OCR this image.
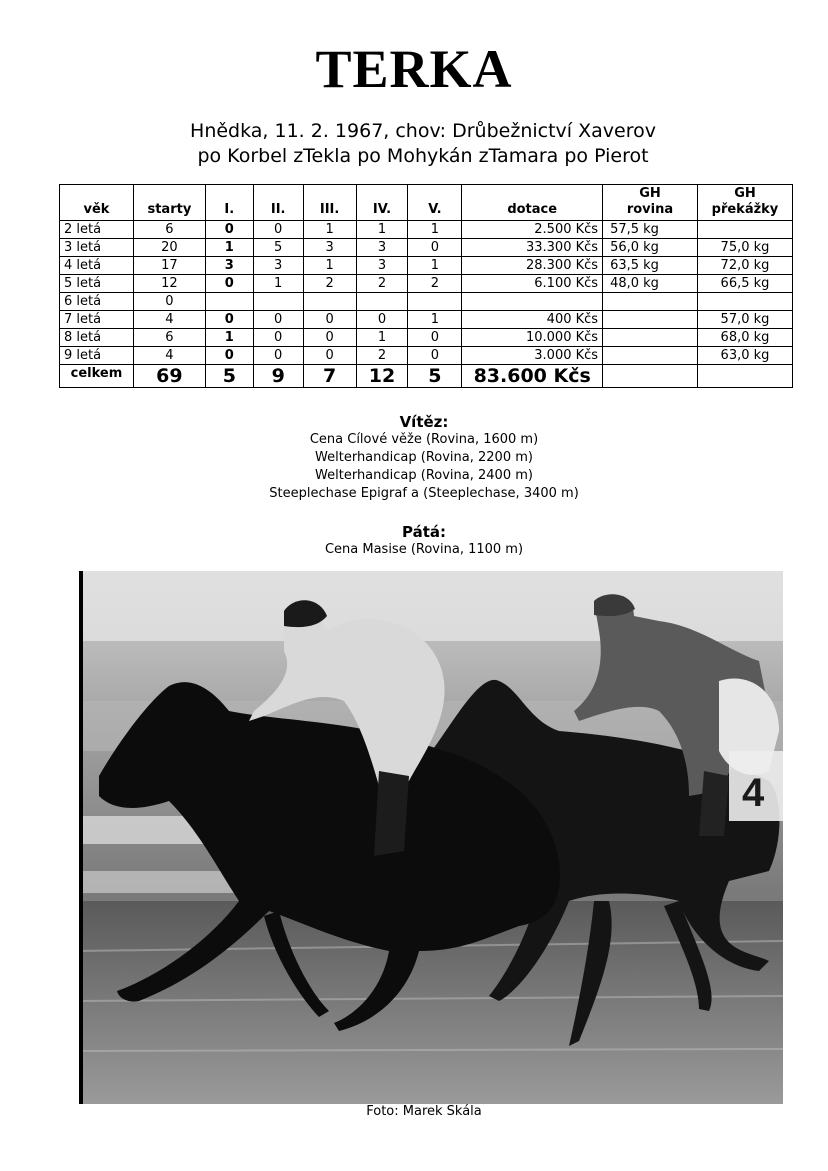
TERKA
Hnědka, 11. 2. 1967, chov: Drůbežnictví Xaverov
po Korbel zTekla po Mohykán zTamara po Pierot
věk	starty	I.	II.	III.	IV.	V.	dotace	GH rovina	GH překážky
2 letá	6	0	0	1	1	1	2.500 Kčs	57,5 kg	
3 letá	20	1	5	3	3	0	33.300 Kčs	56,0 kg	75,0 kg
4 letá	17	3	3	1	3	1	28.300 Kčs	63,5 kg	72,0 kg
5 letá	12	0	1	2	2	2	6.100 Kčs	48,0 kg	66,5 kg
6 letá	0								
7 letá	4	0	0	0	0	1	400 Kčs		57,0 kg
8 letá	6	1	0	0	1	0	10.000 Kčs		68,0 kg
9 letá	4	0	0	0	2	0	3.000 Kčs		63,0 kg
celkem	69	5	9	7	12	5	83.600 Kčs		
Vítěz:
Cena Cílové věže (Rovina, 1600 m)
Welterhandicap (Rovina, 2200 m)
Welterhandicap (Rovina, 2400 m)
Steeplechase Epigraf a (Steeplechase, 3400 m)
Pátá:
Cena Masise (Rovina, 1100 m)
4
Foto: Marek Skála
